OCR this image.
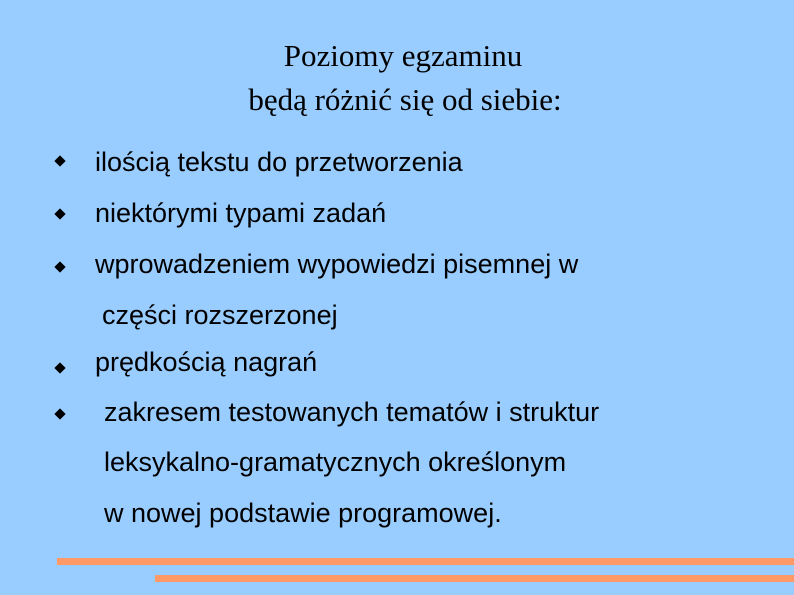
Poziomy egzaminu
będą różnić się od siebie:
ilością tekstu do przetworzenia
niektórymi typami zadań
wprowadzeniem wypowiedzi pisemnej w
części rozszerzonej
prędkością nagrań
zakresem testowanych tematów i struktur
leksykalno-gramatycznych określonym
w nowej podstawie programowej.
